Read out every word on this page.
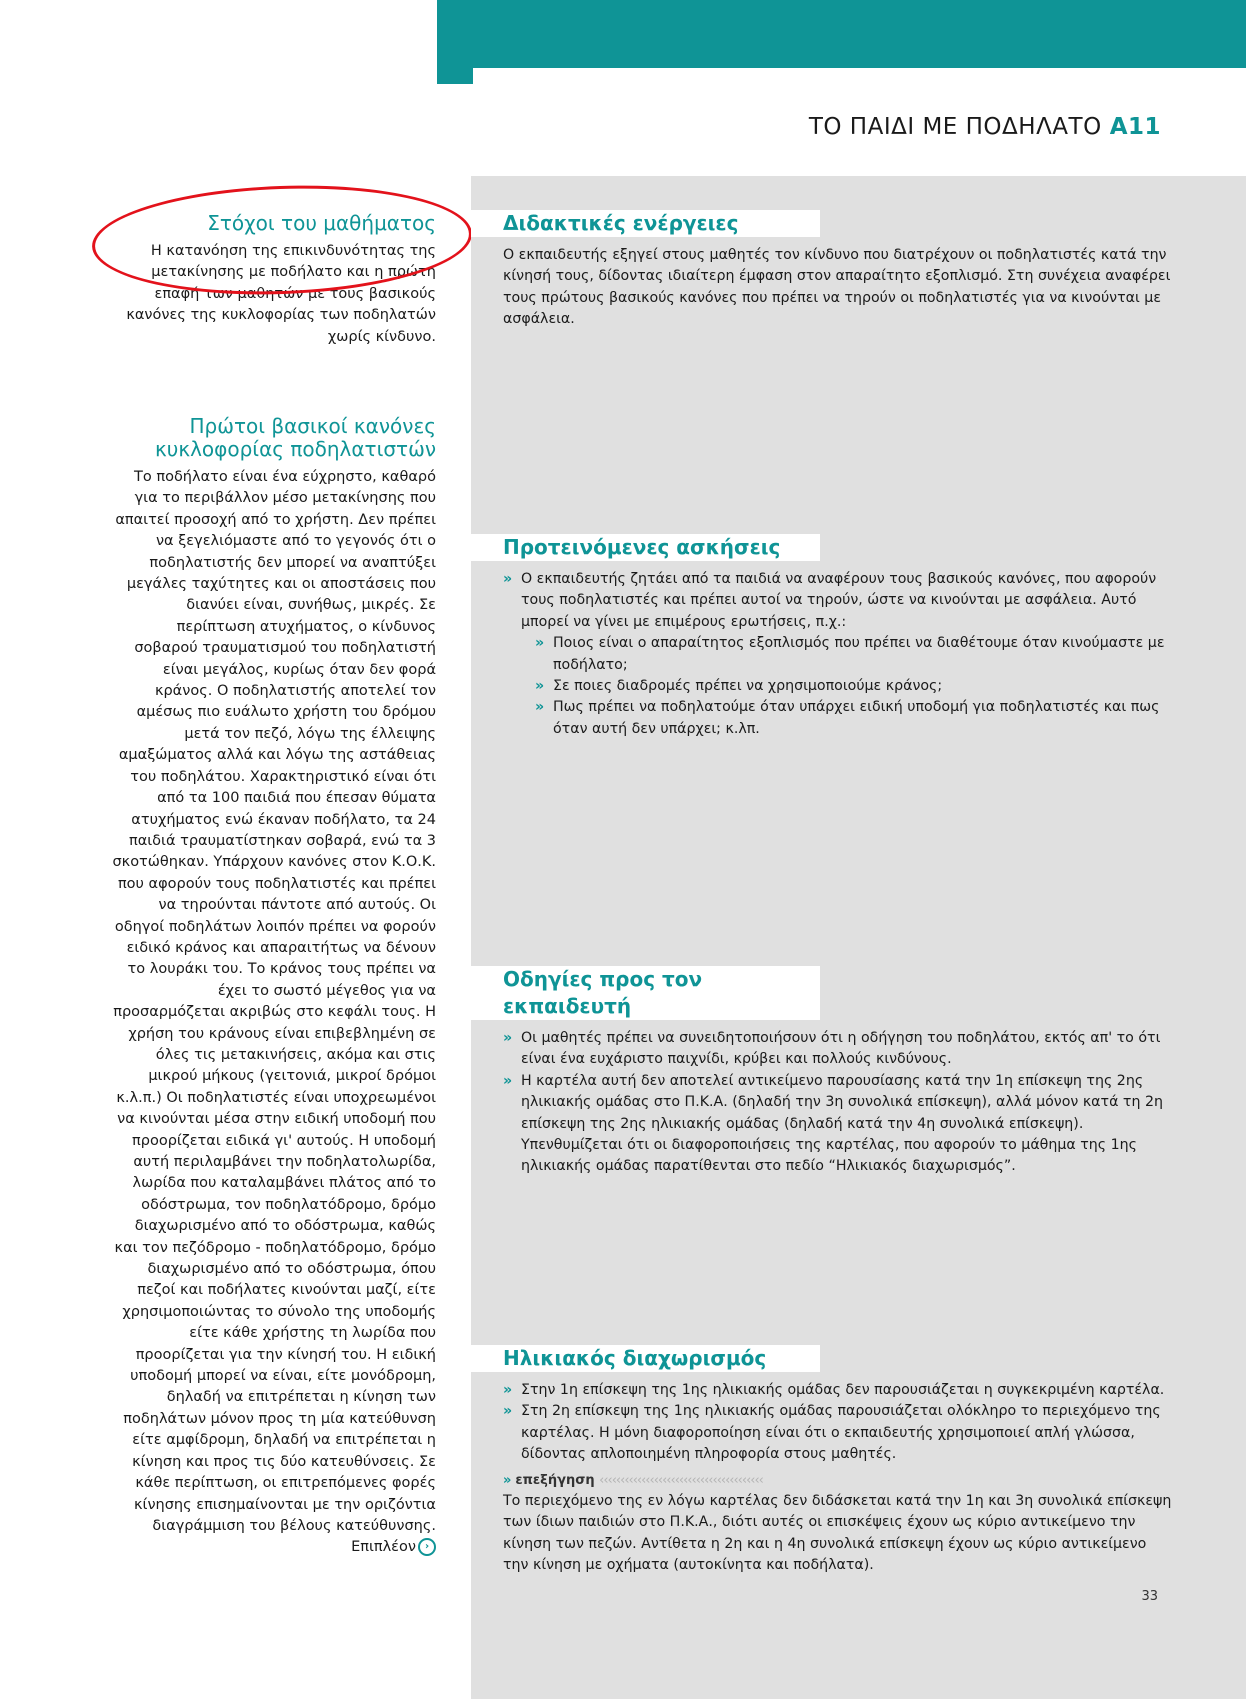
ΤΟ ΠΑΙΔΙ ΜΕ ΠΟΔΗΛΑΤΟ Α11
Στόχοι του μαθήματος

Η κατανόηση της επικινδυνότητας της μετακίνησης με ποδήλατο και η πρώτη επαφή των μαθητών με τους βασικούς κανόνες της κυκλοφορίας των ποδηλατών χωρίς κίνδυνο.

Πρώτοι βασικοί κανόνες κυκλοφορίας ποδηλατιστών

Το ποδήλατο είναι ένα εύχρηστο, καθαρό για το περιβάλλον μέσο μετακίνησης που απαιτεί προσοχή από το χρήστη. Δεν πρέπει να ξεγελιόμαστε από το γεγονός ότι ο ποδηλατιστής δεν μπορεί να αναπτύξει μεγάλες ταχύτητες και οι αποστάσεις που διανύει είναι, συνήθως, μικρές. Σε περίπτωση ατυχήματος, ο κίνδυνος σοβαρού τραυματισμού του ποδηλατιστή είναι μεγάλος, κυρίως όταν δεν φορά κράνος. Ο ποδηλατιστής αποτελεί τον αμέσως πιο ευάλωτο χρήστη του δρόμου μετά τον πεζό, λόγω της έλλειψης αμαξώματος αλλά και λόγω της αστάθειας του ποδηλάτου. Χαρακτηριστικό είναι ότι από τα 100 παιδιά που έπεσαν θύματα ατυχήματος ενώ έκαναν ποδήλατο, τα 24 παιδιά τραυματίστηκαν σοβαρά, ενώ τα 3 σκοτώθηκαν. Υπάρχουν κανόνες στον Κ.Ο.Κ. που αφορούν τους ποδηλατιστές και πρέπει να τηρούνται πάντοτε από αυτούς. Οι οδηγοί ποδηλάτων λοιπόν πρέπει να φορούν ειδικό κράνος και απαραιτήτως να δένουν το λουράκι του. Το κράνος τους πρέπει να έχει το σωστό μέγεθος για να προσαρμόζεται ακριβώς στο κεφάλι τους. Η χρήση του κράνους είναι επιβεβλημένη σε όλες τις μετακινήσεις, ακόμα και στις μικρού μήκους (γειτονιά, μικροί δρόμοι κ.λ.π.) Οι ποδηλατιστές είναι υποχρεωμένοι να κινούνται μέσα στην ειδική υποδομή που προορίζεται ειδικά γι' αυτούς. Η υποδομή αυτή περιλαμβάνει την ποδηλατολωρίδα, λωρίδα που καταλαμβάνει πλάτος από το οδόστρωμα, τον ποδηλατόδρομο, δρόμο διαχωρισμένο από το οδόστρωμα, καθώς και τον πεζόδρομο - ποδηλατόδρομο, δρόμο διαχωρισμένο από το οδόστρωμα, όπου πεζοί και ποδήλατες κινούνται μαζί, είτε χρησιμοποιώντας το σύνολο της υποδομής είτε κάθε χρήστης τη λωρίδα που προορίζεται για την κίνησή του. Η ειδική υποδομή μπορεί να είναι, είτε μονόδρομη, δηλαδή να επιτρέπεται η κίνηση των ποδηλάτων μόνον προς τη μία κατεύθυνση είτε αμφίδρομη, δηλαδή να επιτρέπεται η κίνηση και προς τις δύο κατευθύνσεις. Σε κάθε περίπτωση, οι επιτρεπόμενες φορές κίνησης επισημαίνονται με την οριζόντια διαγράμμιση του βέλους κατεύθυνσης. Επιπλέον ›

Διδακτικές ενέργειες

Ο εκπαιδευτής εξηγεί στους μαθητές τον κίνδυνο που διατρέχουν οι ποδηλατιστές κατά την κίνησή τους, δίδοντας ιδιαίτερη έμφαση στον απαραίτητο εξοπλισμό. Στη συνέχεια αναφέρει τους πρώτους βασικούς κανόνες που πρέπει να τηρούν οι ποδηλατιστές για να κινούνται με ασφάλεια.

Προτεινόμενες ασκήσεις
» Ο εκπαιδευτής ζητάει από τα παιδιά να αναφέρουν τους βασικούς κανόνες, που αφορούν τους ποδηλατιστές και πρέπει αυτοί να τηρούν, ώστε να κινούνται με ασφάλεια. Αυτό μπορεί να γίνει με επιμέρους ερωτήσεις, π.χ.:
» Ποιος είναι ο απαραίτητος εξοπλισμός που πρέπει να διαθέτουμε όταν κινούμαστε με ποδήλατο;
» Σε ποιες διαδρομές πρέπει να χρησιμοποιούμε κράνος;
» Πως πρέπει να ποδηλατούμε όταν υπάρχει ειδική υποδομή για ποδηλατιστές και πως όταν αυτή δεν υπάρχει; κ.λπ.
Οδηγίες προς τον εκπαιδευτή
» Οι μαθητές πρέπει να συνειδητοποιήσουν ότι η οδήγηση του ποδηλάτου, εκτός απ' το ότι είναι ένα ευχάριστο παιχνίδι, κρύβει και πολλούς κινδύνους.
» Η καρτέλα αυτή δεν αποτελεί αντικείμενο παρουσίασης κατά την 1η επίσκεψη της 2ης ηλικιακής ομάδας στο Π.Κ.Α. (δηλαδή την 3η συνολικά επίσκεψη), αλλά μόνον κατά τη 2η επίσκεψη της 2ης ηλικιακής ομάδας (δηλαδή κατά την 4η συνολικά επίσκεψη). Υπενθυμίζεται ότι οι διαφοροποιήσεις της καρτέλας, που αφορούν το μάθημα της 1ης ηλικιακής ομάδας παρατίθενται στο πεδίο “Ηλικιακός διαχωρισμός”.
Ηλικιακός διαχωρισμός
» Στην 1η επίσκεψη της 1ης ηλικιακής ομάδας δεν παρουσιάζεται η συγκεκριμένη καρτέλα.
» Στη 2η επίσκεψη της 1ης ηλικιακής ομάδας παρουσιάζεται ολόκληρο το περιεχόμενο της καρτέλας. Η μόνη διαφοροποίηση είναι ότι ο εκπαιδευτής χρησιμοποιεί απλή γλώσσα, δίδοντας απλοποιημένη πληροφορία στους μαθητές.
» επεξήγηση ‹‹‹‹‹‹‹‹‹‹‹‹‹‹‹‹‹‹‹‹‹‹‹‹‹‹‹‹‹‹‹‹‹‹‹‹‹‹‹

Το περιεχόμενο της εν λόγω καρτέλας δεν διδάσκεται κατά την 1η και 3η συνολικά επίσκεψη των ίδιων παιδιών στο Π.Κ.Α., διότι αυτές οι επισκέψεις έχουν ως κύριο αντικείμενο την κίνηση των πεζών. Αντίθετα η 2η και η 4η συνολικά επίσκεψη έχουν ως κύριο αντικείμενο την κίνηση με οχήματα (αυτοκίνητα και ποδήλατα).

33
